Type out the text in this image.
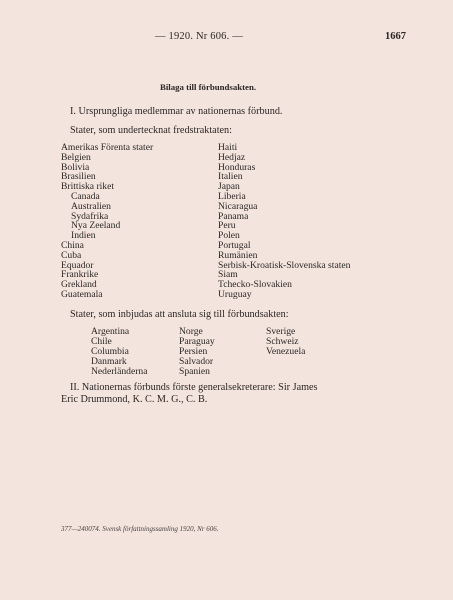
— 1920. Nr 606. —	1667
Bilaga till förbundsakten.
I. Ursprungliga medlemmar av nationernas förbund.
Stater, som undertecknat fredstraktaten:
Amerikas Förenta stater
Belgien
Bolivia
Brasilien
Brittiska riket
Canada
Australien
Sydafrika
Nya Zeeland
Indien
China
Cuba
Equador
Frankrike
Grekland
Guatemala
Haiti
Hedjaz
Honduras
Italien
Japan
Liberia
Nicaragua
Panama
Peru
Polen
Portugal
Rumänien
Serbisk-Kroatisk-Slovenska staten
Siam
Tchecko-Slovakien
Uruguay
Stater, som inbjudas att ansluta sig till förbundsakten:
Argentina
Chile
Columbia
Danmark
Nederländerna
Norge
Paraguay
Persien
Salvador
Spanien
Sverige
Schweiz
Venezuela
II. Nationernas förbunds förste generalsekreterare: Sir James
Eric Drummond, K. C. M. G., C. B.
377—240074. Svensk författningssamling 1920, Nr 606.
